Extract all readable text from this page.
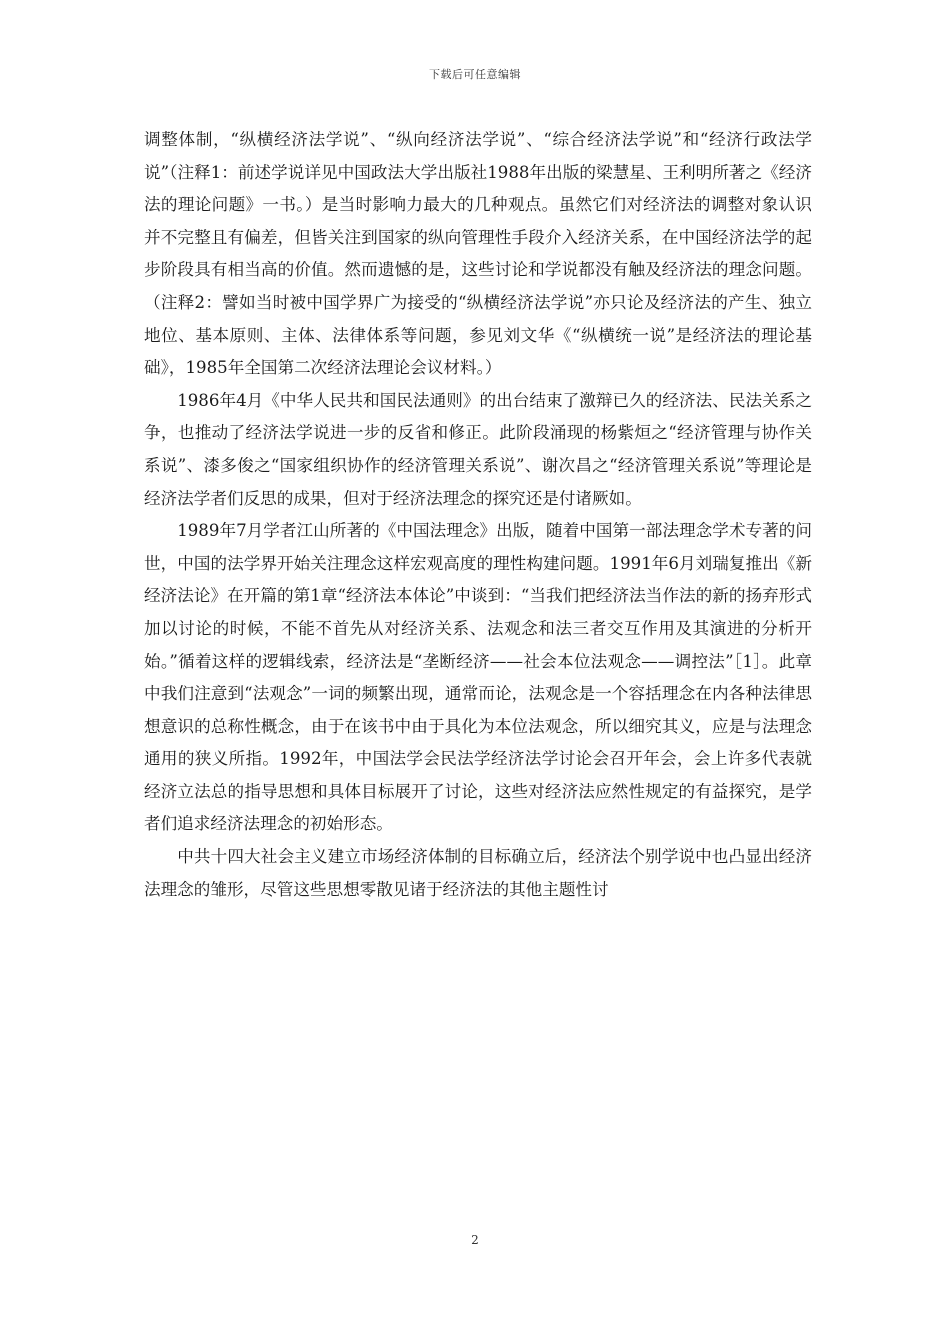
下载后可任意编辑

调整体制，“纵横经济法学说”、“纵向经济法学说”、“综合经济法学说”和“经济行政法学说”（注释1：前述学说详见中国政法大学出版社1988年出版的梁慧星、王利明所著之《经济法的理论问题》一书。）是当时影响力最大的几种观点。虽然它们对经济法的调整对象认识并不完整且有偏差，但皆关注到国家的纵向管理性手段介入经济关系，在中国经济法学的起步阶段具有相当高的价值。然而遗憾的是，这些讨论和学说都没有触及经济法的理念问题。（注释2：譬如当时被中国学界广为接受的“纵横经济法学说”亦只论及经济法的产生、独立地位、基本原则、主体、法律体系等问题，参见刘文华《“纵横统一说”是经济法的理论基础》，1985年全国第二次经济法理论会议材料。）

1986年4月《中华人民共和国民法通则》的出台结束了激辩已久的经济法、民法关系之争，也推动了经济法学说进一步的反省和修正。此阶段涌现的杨紫烜之“经济管理与协作关系说”、漆多俊之“国家组织协作的经济管理关系说”、谢次昌之“经济管理关系说”等理论是经济法学者们反思的成果，但对于经济法理念的探究还是付诸厥如。

1989年7月学者江山所著的《中国法理念》出版，随着中国第一部法理念学术专著的问世，中国的法学界开始关注理念这样宏观高度的理性构建问题。1991年6月刘瑞复推出《新经济法论》在开篇的第1章“经济法本体论”中谈到：“当我们把经济法当作法的新的扬弃形式加以讨论的时候，不能不首先从对经济关系、法观念和法三者交互作用及其演进的分析开始。”循着这样的逻辑线索，经济法是“垄断经济——社会本位法观念——调控法”［1］。此章中我们注意到“法观念”一词的频繁出现，通常而论，法观念是一个容括理念在内各种法律思想意识的总称性概念，由于在该书中由于具化为本位法观念，所以细究其义，应是与法理念通用的狭义所指。1992年，中国法学会民法学经济法学讨论会召开年会，会上许多代表就经济立法总的指导思想和具体目标展开了讨论，这些对经济法应然性规定的有益探究，是学者们追求经济法理念的初始形态。

中共十四大社会主义建立市场经济体制的目标确立后，经济法个别学说中也凸显出经济法理念的雏形，尽管这些思想零散见诸于经济法的其他主题性讨

2
